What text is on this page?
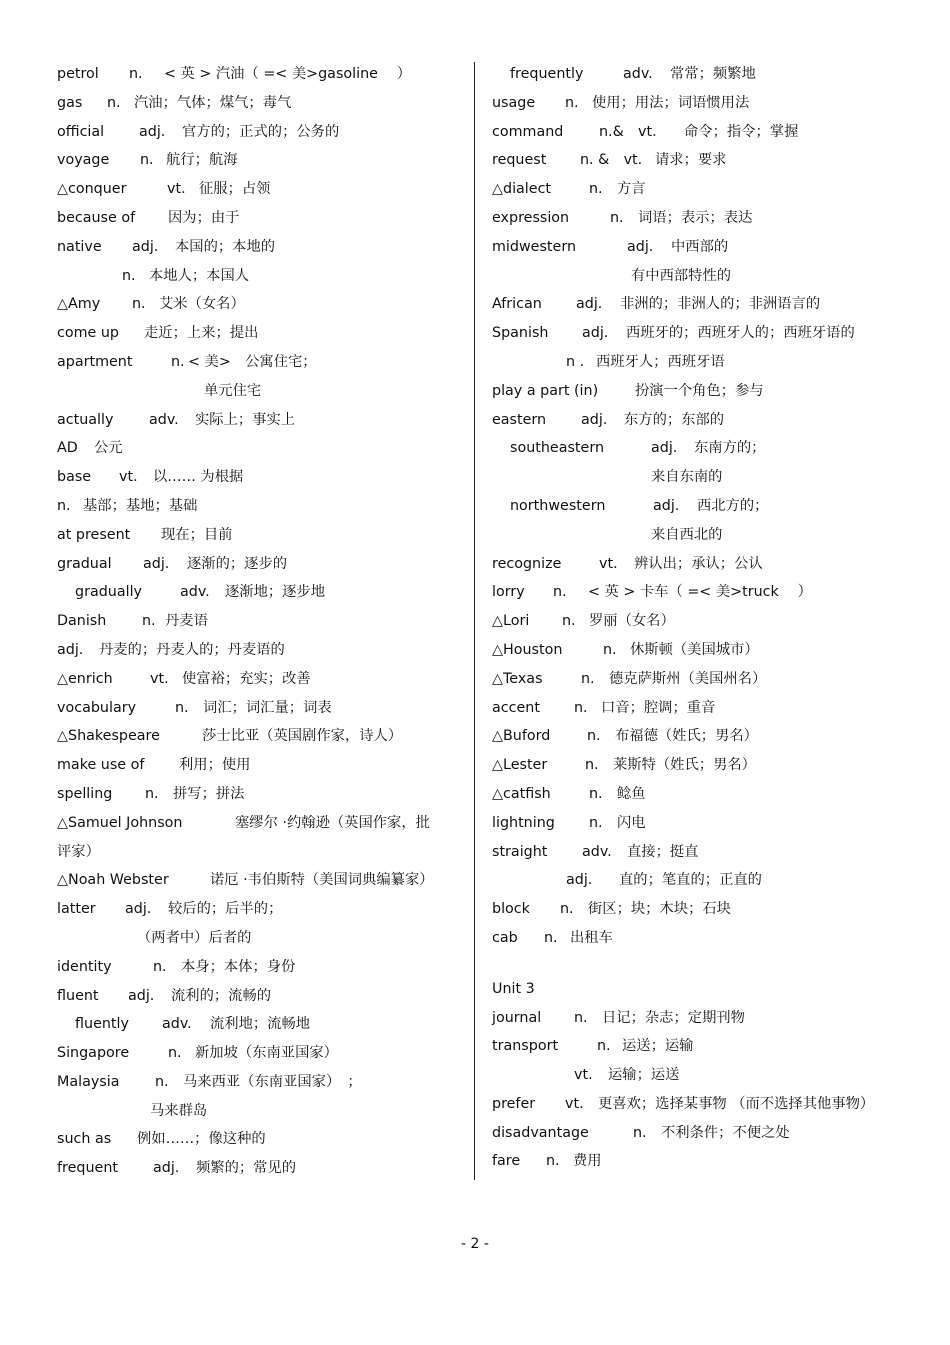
petrol n. < 英 > 汽油（ =< 美>gasoline　 ）
gas n. 汽油；气体；煤气；毒气
official adj. 官方的；正式的；公务的
voyage n. 航行；航海
△conquer	vt. 征服；占领
because of 因为；由于
native adj. 本国的；本地的
n. 本地人；本国人
△Amy n. 艾米（女名）
come up 走近；上来；提出
apartment	n. < 美>　公寓住宅；
单元住宅
actually adv. 实际上；事实上
AD 公元
base vt. 以…… 为根据
n. 基部；基地；基础
at present 现在；目前
gradual adj. 逐渐的；逐步的
gradually	adv. 逐渐地；逐步地
Danish n. 丹麦语
adj. 丹麦的；丹麦人的；丹麦语的
△enrich	vt. 使富裕；充实；改善
vocabulary	n. 词汇；词汇量；词表
△Shakespeare	莎士比亚（英国剧作家，诗人）
make use of 利用；使用
spelling n. 拼写；拼法
△Samuel Johnson	塞缪尔 ·约翰逊（英国作家，批
评家）
△Noah Webster	诺厄 ·韦伯斯特（美国词典编纂家）
latter adj. 较后的；后半的；
（两者中）后者的
identity	n. 本身；本体；身份
fluent adj. 流利的；流畅的
fluently adv. 流利地；流畅地
Singapore	n. 新加坡（东南亚国家）
Malaysia n. 马来西亚（东南亚国家）　；
马来群岛
such as 例如……；像这种的
frequent adj. 频繁的；常见的
frequently	adv. 常常；频繁地
usage n. 使用；用法；词语惯用法
command n.&　vt. 命令；指令；掌握
request n. &　vt. 请求；要求
△dialect	n. 方言
expression	n. 词语；表示；表达
midwestern	adj. 中西部的
有中西部特性的
African adj. 非洲的；非洲人的；非洲语言的
Spanish adj. 西班牙的；西班牙人的；西班牙语的
n . 西班牙人；西班牙语
play a part (in)	扮演一个角色；参与
eastern adj. 东方的；东部的
southeastern	adj. 东南方的；
来自东南的
northwestern	adj. 西北方的；
来自西北的
recognize	vt. 辨认出；承认；公认
lorry n. < 英 > 卡车（ =< 美>truck　 ）
△Lori n. 罗丽（女名）
△Houston	n. 休斯顿（美国城市）
△Texas	n. 德克萨斯州（美国州名）
accent n. 口音；腔调；重音
△Buford	n. 布福德（姓氏；男名）
△Lester	n. 莱斯特（姓氏；男名）
△catfish	n. 鲶鱼
lightning n. 闪电
straight adv. 直接；挺直
adj. 直的；笔直的；正直的
block n. 街区；块；木块；石块
cab n. 出租车
Unit 3
journal n. 日记；杂志；定期刊物
transport	n. 运送；运输
vt. 运输；运送
prefer vt. 更喜欢；选择某事物 （而不选择其他事物）
disadvantage	n. 不利条件；不便之处
fare n. 费用
- 2 -
